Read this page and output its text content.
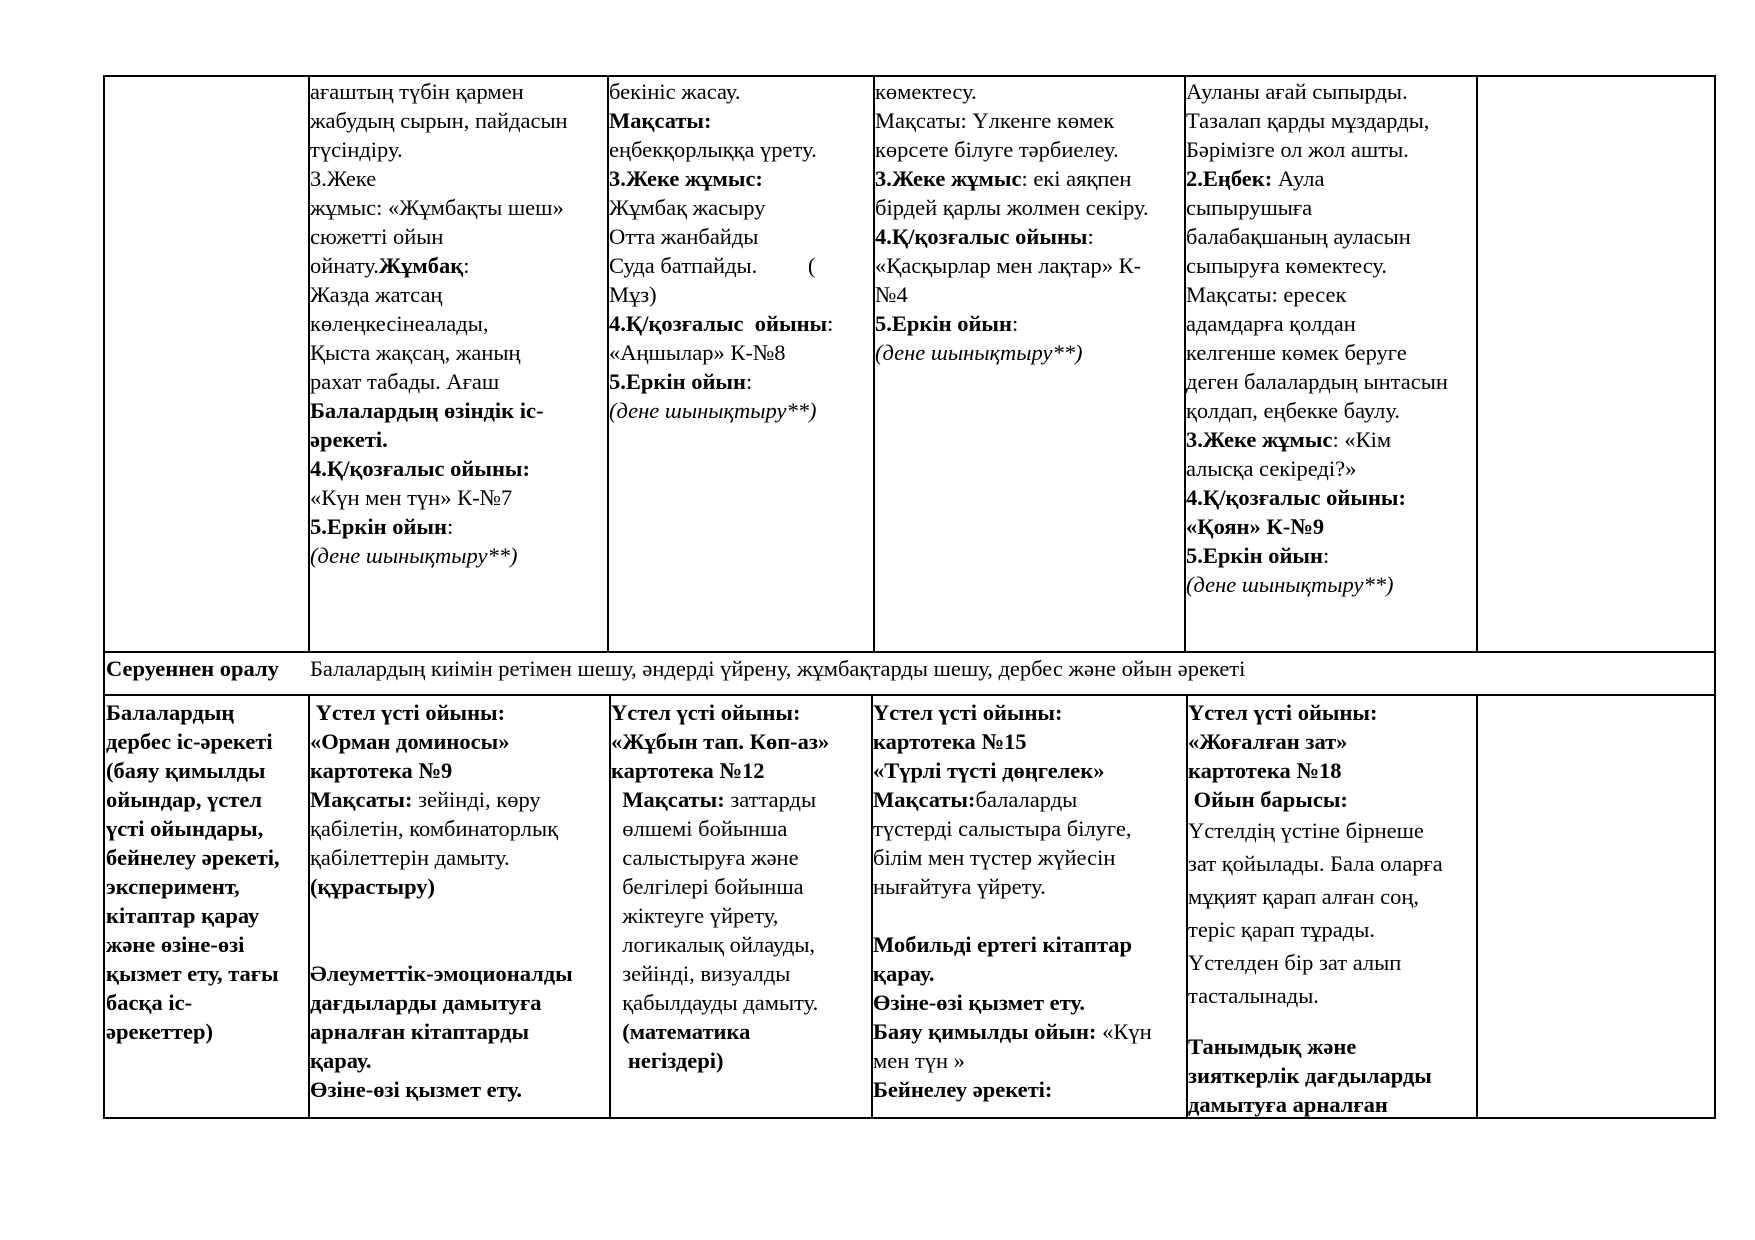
ағаштың түбін қармен
жабудың сырын, пайдасын
түсіндіру.
3.Жеке
жұмыс: «Жұмбақты шеш»
сюжетті ойын
ойнату.Жұмбақ:
Жазда жатсаң
көлеңкесінеалады,
Қыста жақсаң, жаның
рахат табады. Ағаш
Балалардың өзіндік іс-
әрекеті.
4.Қ/қозғалыс ойыны:
«Күн мен түн» К-№7
5.Еркін ойын:
(дене шынықтыру**)
бекініс жасау.
Мақсаты:
еңбекқорлыққа үрету.
3.Жеке жұмыс:
Жұмбақ жасыру
Отта жанбайды
Суда батпайды.         (
Мұз)
4.Қ/қозғалыс  ойыны:
«Аңшылар» К-№8
5.Еркін ойын:
(дене шынықтыру**)
көмектесу.
Мақсаты: Үлкенге көмек
көрсете білуге тәрбиелеу.
3.Жеке жұмыс: екі аяқпен
бірдей қарлы жолмен секіру.
4.Қ/қозғалыс ойыны:
«Қасқырлар мен лақтар» К-
№4
5.Еркін ойын:
(дене шынықтыру**)
Ауланы ағай сыпырды.
Тазалап қарды мұздарды,
Бәрімізге ол жол ашты.
2.Еңбек: Аула
сыпырушыға
балабақшаның ауласын
сыпыруға көмектесу.
Мақсаты: ересек
адамдарға қолдан
келгенше көмек беруге
деген балалардың ынтасын
қолдап, еңбекке баулу.
3.Жеке жұмыс: «Кім
алысқа секіреді?»
4.Қ/қозғалыс ойыны:
«Қоян» К-№9
5.Еркін ойын:
(дене шынықтыру**)
Серуеннен оралу	Балалардың киімін ретімен шешу, әндерді үйрену, жұмбақтарды шешу, дербес және ойын әрекеті
Балалардың
дербес іс-әрекеті
(баяу қимылды
ойындар, үстел
үсті ойындары,
бейнелеу әрекеті,
эксперимент,
кітаптар қарау
және өзіне-өзі
қызмет ету, тағы
басқа іс-
әрекеттер)
Үстел үсті ойыны:
«Орман доминосы»
картотека №9
Мақсаты: зейінді, көру
қабілетін, комбинаторлық
қабілеттерін дамыту.
(құрастыру)

Әлеуметтік-эмоционалды
дағдыларды дамытуға
арналған кітаптарды
қарау.
Өзіне-өзі қызмет ету.
Үстел үсті ойыны:
«Жұбын тап. Көп-аз»
картотека №12
Мақсаты: заттарды
өлшемі бойынша
салыстыруға және
белгілері бойынша
жіктеуге үйрету,
логикалық ойлауды,
зейінді, визуалды
қабылдауды дамыту.
(математика
негіздері)
Үстел үсті ойыны:
картотека №15
«Түрлі түсті дөңгелек»
Мақсаты:балаларды
түстерді салыстыра білуге,
білім мен түстер жүйесін
нығайтуға үйрету.

Мобильді ертегі кітаптар
қарау.
Өзіне-өзі қызмет ету.
Баяу қимылды ойын: «Күн
мен түн »
Бейнелеу әрекеті:
Үстел үсті ойыны:
«Жоғалған зат»
картотека №18
Ойын барысы:
Үстелдің үстіне бірнеше
зат қойылады. Бала оларға
мұқият қарап алған соң,
теріс қарап тұрады.
Үстелден бір зат алып
тасталынады.
Танымдық және
зияткерлік дағдыларды
дамытуға арналған
